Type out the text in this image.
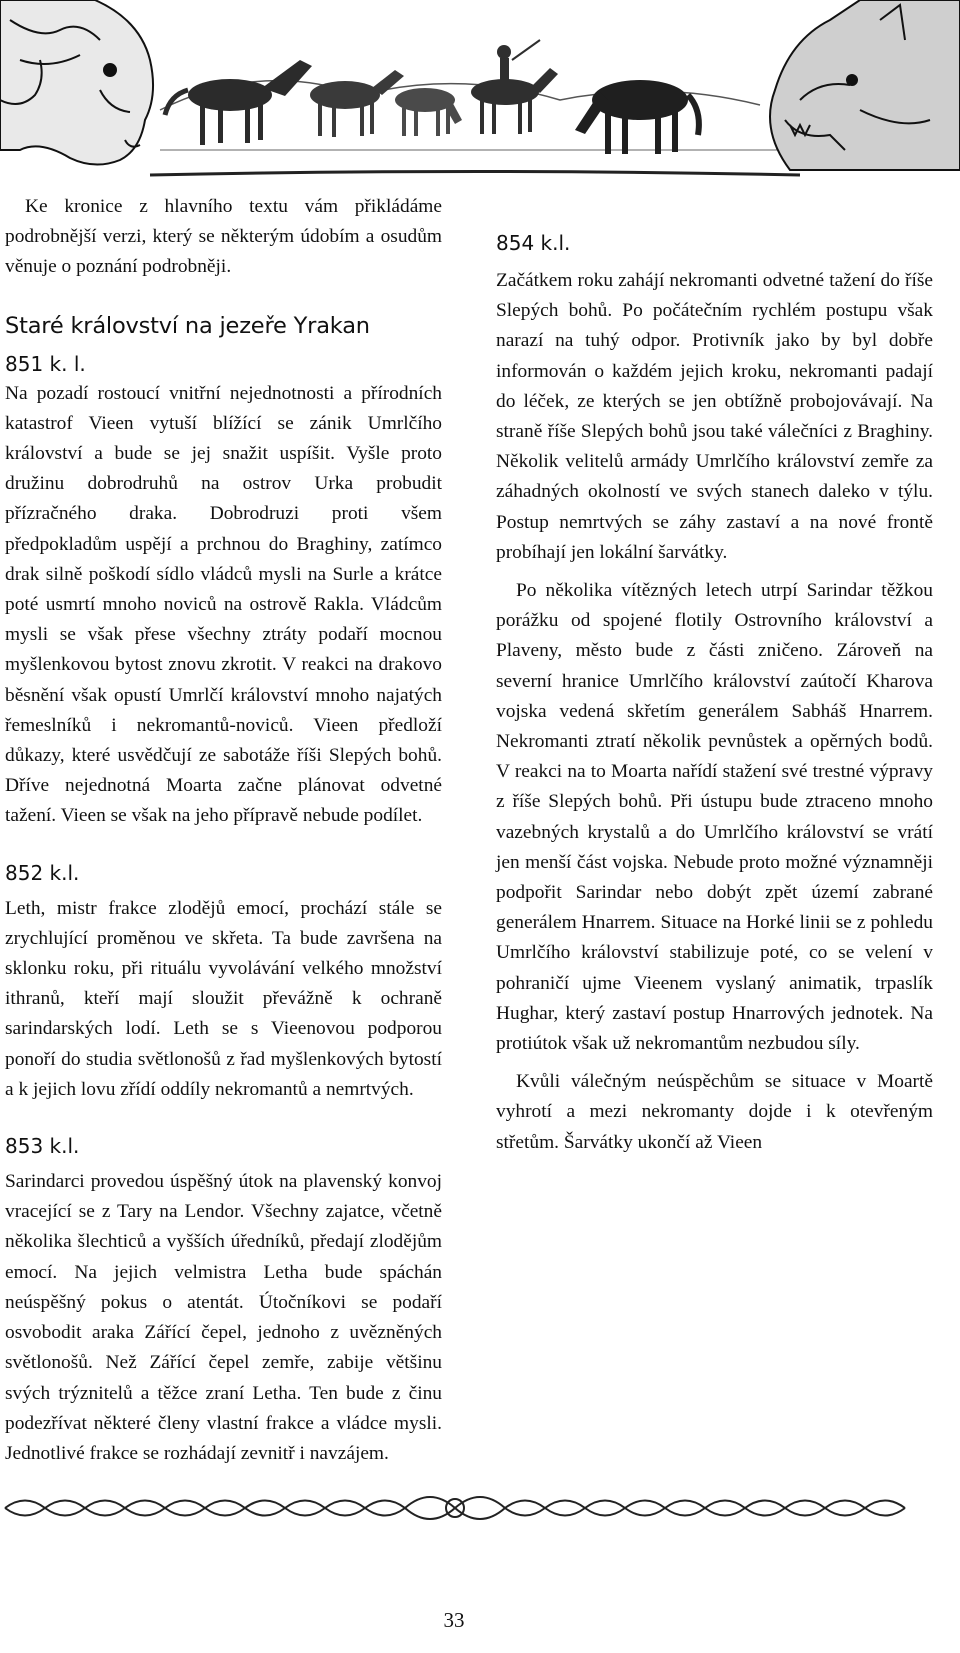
Ke kronice z hlavního textu vám přikládáme podrobnější verzi, který se některým údobím a osudům věnuje o poznání podrobněji.

Staré království na jezeře Yrakan
851 k. l.

Na pozadí rostoucí vnitřní nejednotnosti a přírodních katastrof Vieen vytuší blížící se zánik Umrlčího království a bude se jej snažit uspíšit. Vyšle proto družinu dobrodruhů na ostrov Urka probudit přízračného draka. Dobrodruzi proti všem předpokladům uspějí a prchnou do Braghiny, zatímco drak silně poškodí sídlo vládců mysli na Surle a krátce poté usmrtí mnoho noviců na ostrově Rakla. Vládcům mysli se však přese všechny ztráty podaří mocnou myšlenkovou bytost znovu zkrotit. V reakci na drakovo běsnění však opustí Umrlčí království mnoho najatých řemeslníků i nekromantů-noviců. Vieen předloží důkazy, které usvědčují ze sabotáže říši Slepých bohů. Dříve nejednotná Moarta začne plánovat odvetné tažení. Vieen se však na jeho přípravě nebude podílet.

852 k.l.

Leth, mistr frakce zlodějů emocí, prochází stále se zrychlující proměnou ve skřeta. Ta bude završena na sklonku roku, při rituálu vyvolávání velkého množství ithranů, kteří mají sloužit převážně k ochraně sarindarských lodí. Leth se s Vieenovou podporou ponoří do studia světlonošů z řad myšlenkových bytostí a k jejich lovu zřídí oddíly nekromantů a nemrtvých.

853 k.l.

Sarindarci provedou úspěšný útok na plavenský konvoj vracející se z Tary na Lendor. Všechny zajatce, včetně několika šlechticů a vyšších úředníků, předají zlodějům emocí. Na jejich velmistra Letha bude spáchán neúspěšný pokus o atentát. Útočníkovi se podaří osvobodit araka Zářící čepel, jednoho z uvězněných světlonošů. Než Zářící čepel zemře, zabije většinu svých trýznitelů a těžce zraní Letha. Ten bude z činu podezřívat některé členy vlastní frakce a vládce mysli. Jednotlivé frakce se rozhádají zevnitř i navzájem.

854 k.l.

Začátkem roku zahájí nekromanti odvetné tažení do říše Slepých bohů. Po počátečním rychlém postupu však narazí na tuhý odpor. Protivník jako by byl dobře informován o každém jejich kroku, nekromanti padají do léček, ze kterých se jen obtížně probojovávají. Na straně říše Slepých bohů jsou také válečníci z Braghiny. Několik velitelů armády Umrlčího království zemře za záhadných okolností ve svých stanech daleko v týlu. Postup nemrtvých se záhy zastaví a na nové frontě probíhají jen lokální šarvátky.

Po několika vítězných letech utrpí Sarindar těžkou porážku od spojené flotily Ostrovního království a Plaveny, město bude z části zničeno. Zároveň na severní hranice Umrlčího království zaútočí Kharova vojska vedená skřetím generálem Sabháš Hnarrem. Nekromanti ztratí několik pevnůstek a opěrných bodů. V reakci na to Moarta nařídí stažení své trestné výpravy z říše Slepých bohů. Při ústupu bude ztraceno mnoho vazebných krystalů a do Umrlčího království se vrátí jen menší část vojska. Nebude proto možné významněji podpořit Sarindar nebo dobýt zpět území zabrané generálem Hnarrem. Situace na Horké linii se z pohledu Umrlčího království stabilizuje poté, co se velení v pohraničí ujme Vieenem vyslaný animatik, trpaslík Hughar, který zastaví postup Hnarrových jednotek. Na protiútok však už nekromantům nezbudou síly.

Kvůli válečným neúspěchům se situace v Moartě vyhrotí a mezi nekromanty dojde i k otevřeným střetům. Šarvátky ukončí až Vieen

33
